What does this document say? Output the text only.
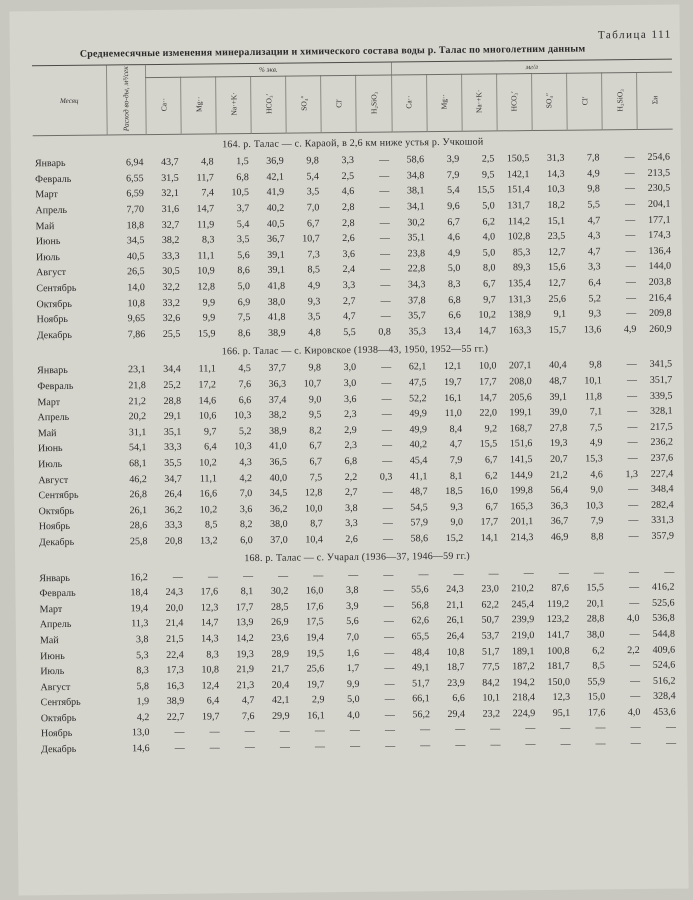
Таблица 111
Среднемесячные изменения минерализации и химического состава воды р. Талас по многолетним данным
Месяц	Расход во-ды, м³/сек	% экв.							мг/л							
		Ca··	Mg··	Na·+K·	HCO₃′	SO₄″	Cl′	H₂SiO₃	Ca··	Mg··	Na·+K·	HCO₃′	SO₄″	Cl′	H₂SiO₃	Σи
164. р. Талас — с. Караой, в 2,6 км ниже устья р. Учкошой																
Январь	6,94	43,7	4,8	1,5	36,9	9,8	3,3	—	58,6	3,9	2,5	150,5	31,3	7,8	—	254,6
Февраль	6,55	31,5	11,7	6,8	42,1	5,4	2,5	—	34,8	7,9	9,5	142,1	14,3	4,9	—	213,5
Март	6,59	32,1	7,4	10,5	41,9	3,5	4,6	—	38,1	5,4	15,5	151,4	10,3	9,8	—	230,5
Апрель	7,70	31,6	14,7	3,7	40,2	7,0	2,8	—	34,1	9,6	5,0	131,7	18,2	5,5	—	204,1
Май	18,8	32,7	11,9	5,4	40,5	6,7	2,8	—	30,2	6,7	6,2	114,2	15,1	4,7	—	177,1
Июнь	34,5	38,2	8,3	3,5	36,7	10,7	2,6	—	35,1	4,6	4,0	102,8	23,5	4,3	—	174,3
Июль	40,5	33,3	11,1	5,6	39,1	7,3	3,6	—	23,8	4,9	5,0	85,3	12,7	4,7	—	136,4
Август	26,5	30,5	10,9	8,6	39,1	8,5	2,4	—	22,8	5,0	8,0	89,3	15,6	3,3	—	144,0
Сентябрь	14,0	32,2	12,8	5,0	41,8	4,9	3,3	—	34,3	8,3	6,7	135,4	12,7	6,4	—	203,8
Октябрь	10,8	33,2	9,9	6,9	38,0	9,3	2,7	—	37,8	6,8	9,7	131,3	25,6	5,2	—	216,4
Ноябрь	9,65	32,6	9,9	7,5	41,8	3,5	4,7	—	35,7	6,6	10,2	138,9	9,1	9,3	—	209,8
Декабрь	7,86	25,5	15,9	8,6	38,9	4,8	5,5	0,8	35,3	13,4	14,7	163,3	15,7	13,6	4,9	260,9
166. р. Талас — с. Кировское (1938—43, 1950, 1952—55 гг.)																
Январь	23,1	34,4	11,1	4,5	37,7	9,8	3,0	—	62,1	12,1	10,0	207,1	40,4	9,8	—	341,5
Февраль	21,8	25,2	17,2	7,6	36,3	10,7	3,0	—	47,5	19,7	17,7	208,0	48,7	10,1	—	351,7
Март	21,2	28,8	14,6	6,6	37,4	9,0	3,6	—	52,2	16,1	14,7	205,6	39,1	11,8	—	339,5
Апрель	20,2	29,1	10,6	10,3	38,2	9,5	2,3	—	49,9	11,0	22,0	199,1	39,0	7,1	—	328,1
Май	31,1	35,1	9,7	5,2	38,9	8,2	2,9	—	49,9	8,4	9,2	168,7	27,8	7,5	—	217,5
Июнь	54,1	33,3	6,4	10,3	41,0	6,7	2,3	—	40,2	4,7	15,5	151,6	19,3	4,9	—	236,2
Июль	68,1	35,5	10,2	4,3	36,5	6,7	6,8	—	45,4	7,9	6,7	141,5	20,7	15,3	—	237,6
Август	46,2	34,7	11,1	4,2	40,0	7,5	2,2	0,3	41,1	8,1	6,2	144,9	21,2	4,6	1,3	227,4
Сентябрь	26,8	26,4	16,6	7,0	34,5	12,8	2,7	—	48,7	18,5	16,0	199,8	56,4	9,0	—	348,4
Октябрь	26,1	36,2	10,2	3,6	36,2	10,0	3,8	—	54,5	9,3	6,7	165,3	36,3	10,3	—	282,4
Ноябрь	28,6	33,3	8,5	8,2	38,0	8,7	3,3	—	57,9	9,0	17,7	201,1	36,7	7,9	—	331,3
Декабрь	25,8	20,8	13,2	6,0	37,0	10,4	2,6	—	58,6	15,2	14,1	214,3	46,9	8,8	—	357,9
168. р. Талас — с. Учарал (1936—37, 1946—59 гг.)																
Январь	16,2	—	—	—	—	—	—	—	—	—	—	—	—	—	—	—
Февраль	18,4	24,3	17,6	8,1	30,2	16,0	3,8	—	55,6	24,3	23,0	210,2	87,6	15,5	—	416,2
Март	19,4	20,0	12,3	17,7	28,5	17,6	3,9	—	56,8	21,1	62,2	245,4	119,2	20,1	—	525,6
Апрель	11,3	21,4	14,7	13,9	26,9	17,5	5,6	—	62,6	26,1	50,7	239,9	123,2	28,8	4,0	536,8
Май	3,8	21,5	14,3	14,2	23,6	19,4	7,0	—	65,5	26,4	53,7	219,0	141,7	38,0	—	544,8
Июнь	5,3	22,4	8,3	19,3	28,9	19,5	1,6	—	48,4	10,8	51,7	189,1	100,8	6,2	2,2	409,6
Июль	8,3	17,3	10,8	21,9	21,7	25,6	1,7	—	49,1	18,7	77,5	187,2	181,7	8,5	—	524,6
Август	5,8	16,3	12,4	21,3	20,4	19,7	9,9	—	51,7	23,9	84,2	194,2	150,0	55,9	—	516,2
Сентябрь	1,9	38,9	6,4	4,7	42,1	2,9	5,0	—	66,1	6,6	10,1	218,4	12,3	15,0	—	328,4
Октябрь	4,2	22,7	19,7	7,6	29,9	16,1	4,0	—	56,2	29,4	23,2	224,9	95,1	17,6	4,0	453,6
Ноябрь	13,0	—	—	—	—	—	—	—	—	—	—	—	—	—	—	—
Декабрь	14,6	—	—	—	—	—	—	—	—	—	—	—	—	—	—	—
